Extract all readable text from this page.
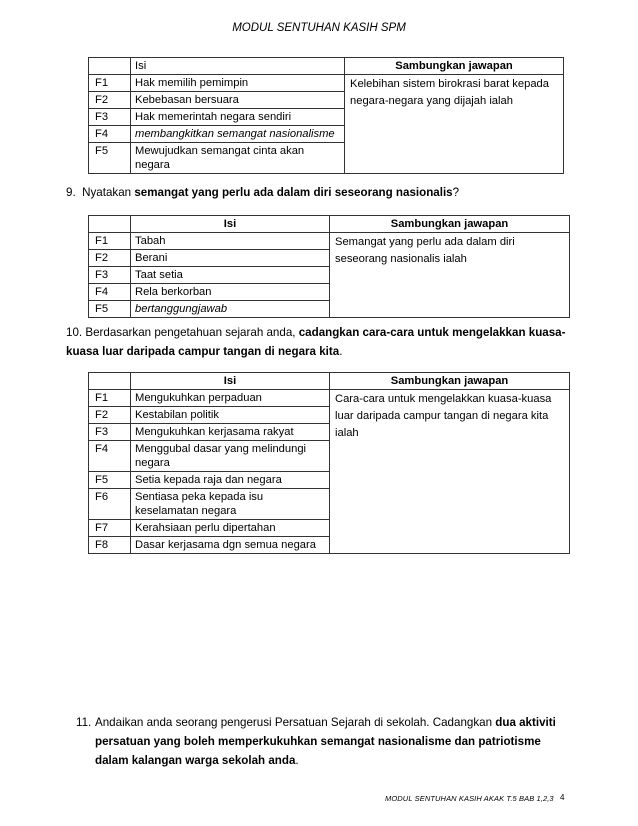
MODUL SENTUHAN KASIH SPM
	Isi	Sambungkan jawapan
F1	Hak memilih pemimpin	Kelebihan sistem birokrasi barat kepada negara-negara yang dijajah ialah
F2	Kebebasan bersuara	
F3	Hak memerintah negara sendiri	
F4	membangkitkan semangat nasionalisme	
F5	Mewujudkan semangat cinta akan negara	
9. Nyatakan semangat yang perlu ada dalam diri seseorang nasionalis?
	Isi	Sambungkan jawapan
F1	Tabah	Semangat yang perlu ada dalam diri seseorang nasionalis ialah
F2	Berani	
F3	Taat setia	
F4	Rela berkorban	
F5	bertanggungjawab	
10. Berdasarkan pengetahuan sejarah anda, cadangkan cara-cara untuk mengelakkan kuasa-kuasa luar daripada campur tangan di negara kita.
	Isi	Sambungkan jawapan
F1	Mengukuhkan perpaduan	Cara-cara untuk mengelakkan kuasa-kuasa luar daripada campur tangan di negara kita ialah
F2	Kestabilan politik	
F3	Mengukuhkan kerjasama rakyat	
F4	Menggubal dasar yang melindungi negara	
F5	Setia kepada raja dan negara	
F6	Sentiasa peka kepada isu keselamatan negara	
F7	Kerahsiaan perlu dipertahan	
F8	Dasar kerjasama dgn semua negara	
11. Andaikan anda seorang pengerusi Persatuan Sejarah di sekolah. Cadangkan dua aktiviti persatuan yang boleh memperkukuhkan semangat nasionalisme dan patriotisme dalam kalangan warga sekolah anda.
MODUL SENTUHAN KASIH AKAK T.5 BAB 1,2,3 4
